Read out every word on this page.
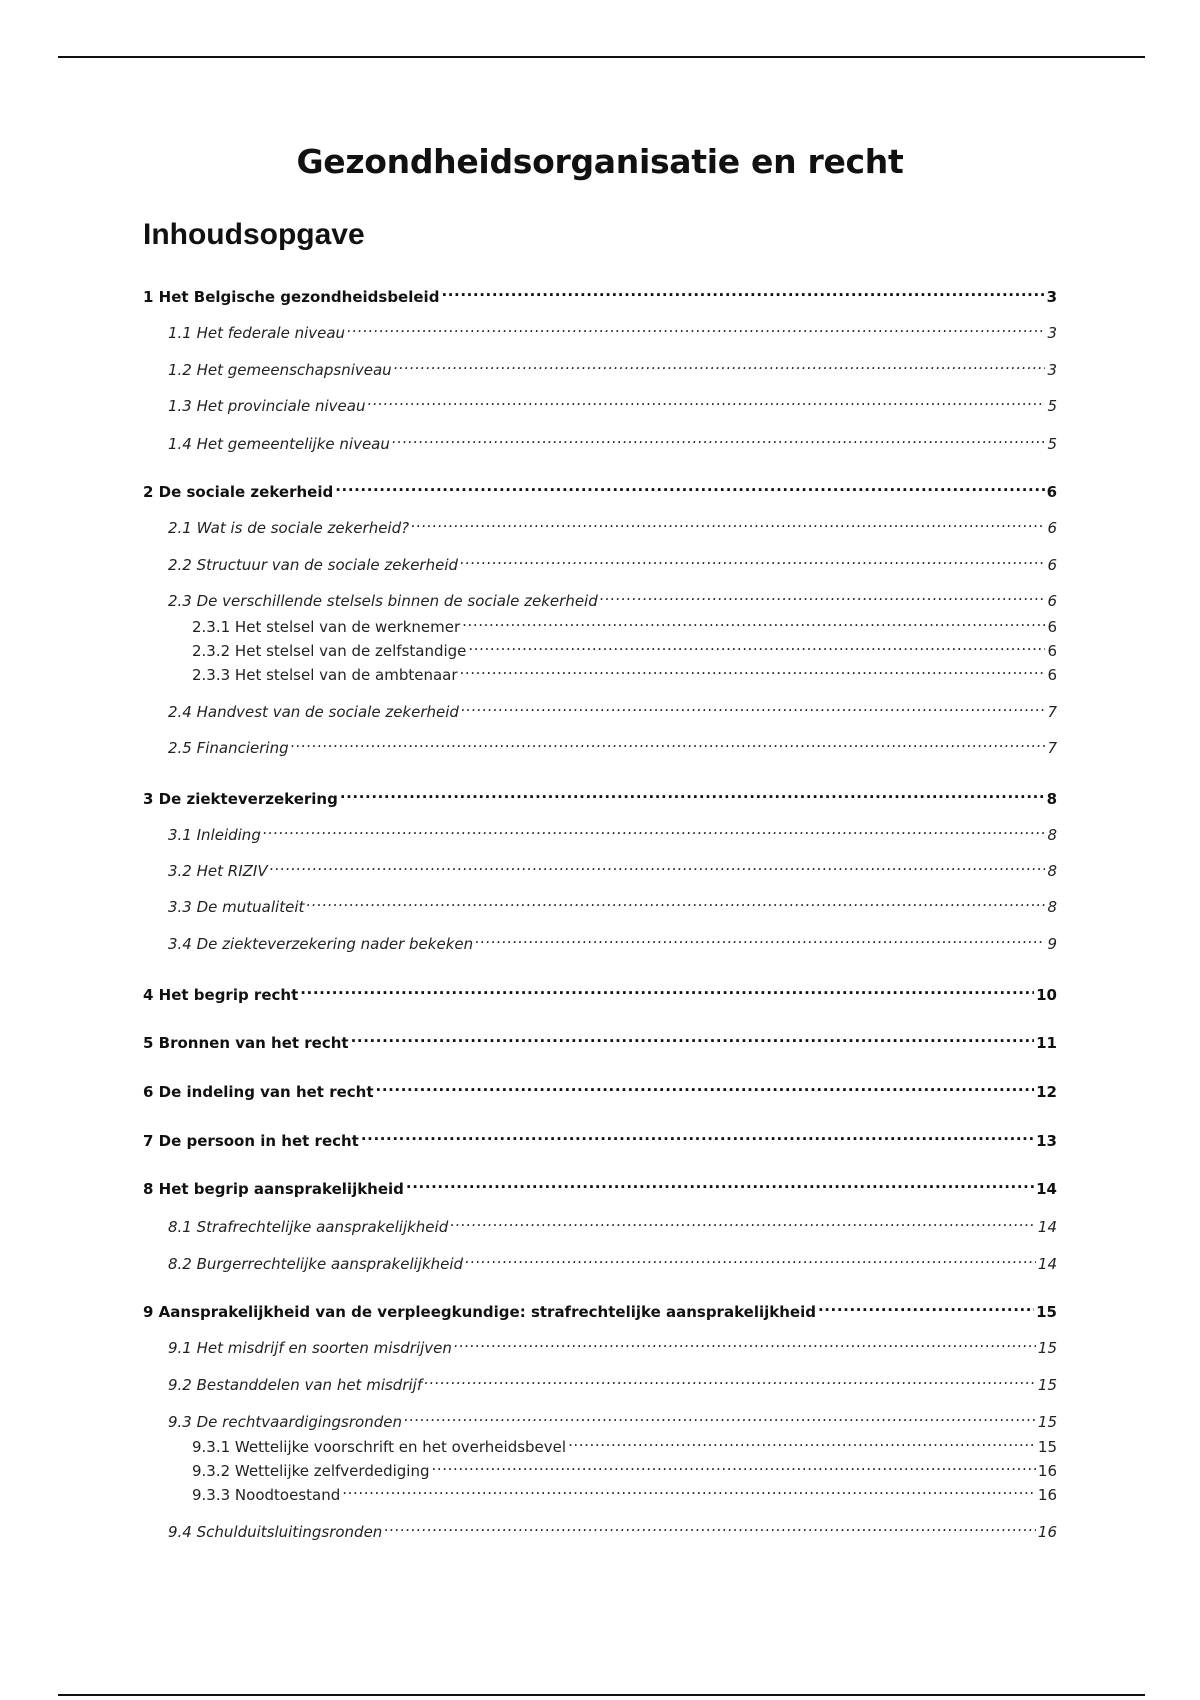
Gezondheidsorganisatie en recht
Inhoudsopgave
1 Het Belgische gezondheidsbeleid .....	3
1.1 Het federale niveau .....	3
1.2 Het gemeenschapsniveau .....	3
1.3 Het provinciale niveau .....	5
1.4 Het gemeentelijke niveau .....	5
2 De sociale zekerheid .....	6
2.1 Wat is de sociale zekerheid? .....	6
2.2 Structuur van de sociale zekerheid .....	6
2.3 De verschillende stelsels binnen de sociale zekerheid .....	6
2.3.1 Het stelsel van de werknemer .....	6
2.3.2 Het stelsel van de zelfstandige .....	6
2.3.3 Het stelsel van de ambtenaar .....	6
2.4 Handvest van de sociale zekerheid .....	7
2.5 Financiering .....	7
3 De ziekteverzekering .....	8
3.1 Inleiding .....	8
3.2 Het RIZIV .....	8
3.3 De mutualiteit .....	8
3.4 De ziekteverzekering nader bekeken .....	9
4 Het begrip recht .....	10
5 Bronnen van het recht .....	11
6 De indeling van het recht .....	12
7 De persoon in het recht .....	13
8 Het begrip aansprakelijkheid .....	14
8.1 Strafrechtelijke aansprakelijkheid .....	14
8.2 Burgerrechtelijke aansprakelijkheid .....	14
9 Aansprakelijkheid van de verpleegkundige: strafrechtelijke aansprakelijkheid .....	15
9.1 Het misdrijf en soorten misdrijven .....	15
9.2 Bestanddelen van het misdrijf .....	15
9.3 De rechtvaardigingsronden .....	15
9.3.1 Wettelijke voorschrift en het overheidsbevel .....	15
9.3.2 Wettelijke zelfverdediging .....	16
9.3.3 Noodtoestand .....	16
9.4 Schulduitsluitingsronden .....	16
